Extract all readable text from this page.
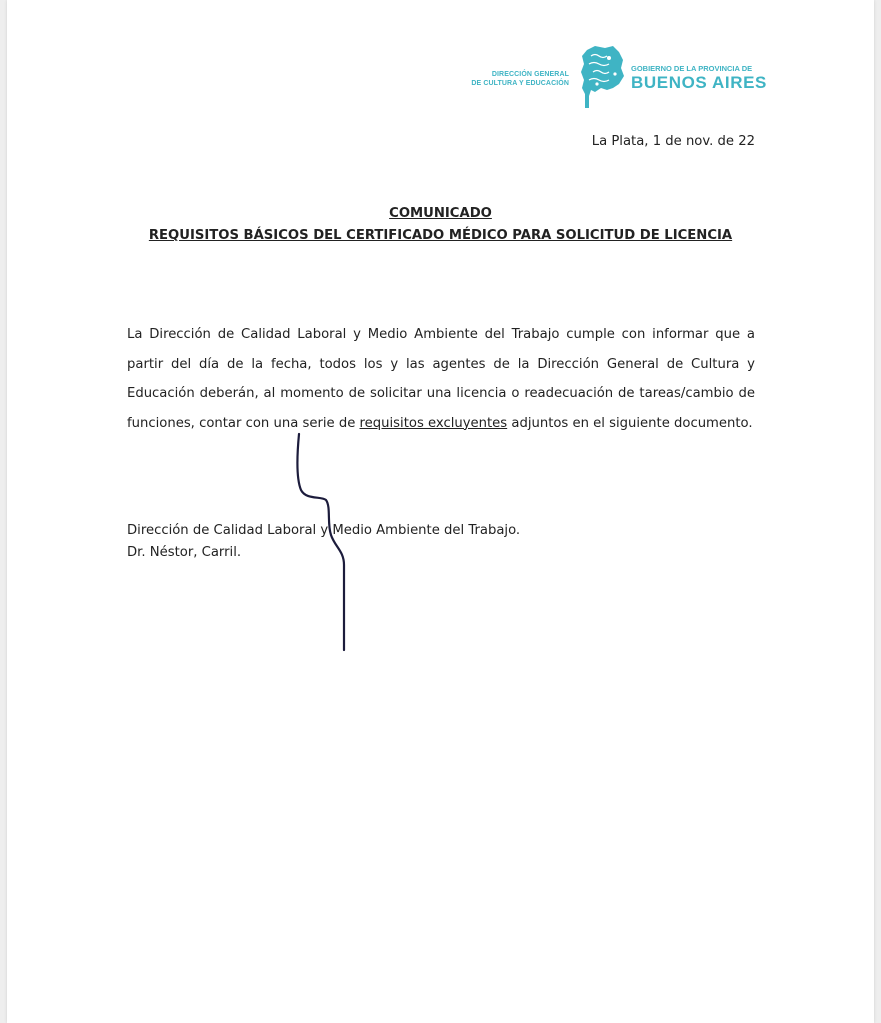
DIRECCIÓN GENERAL
DE CULTURA Y EDUCACIÓN
GOBIERNO DE LA PROVINCIA DE
BUENOS AIRES
La Plata, 1 de nov. de 22
COMUNICADO
REQUISITOS BÁSICOS DEL CERTIFICADO MÉDICO PARA SOLICITUD DE LICENCIA

La Dirección de Calidad Laboral y Medio Ambiente del Trabajo cumple con informar que a partir del día de la fecha, todos los y las agentes de la Dirección General de Cultura y Educación deberán, al momento de solicitar una licencia o readecuación de tareas/cambio de funciones, contar con una serie de requisitos excluyentes adjuntos en el siguiente documento.

Dirección de Calidad Laboral y Medio Ambiente del Trabajo.
Dr. Néstor, Carril.
